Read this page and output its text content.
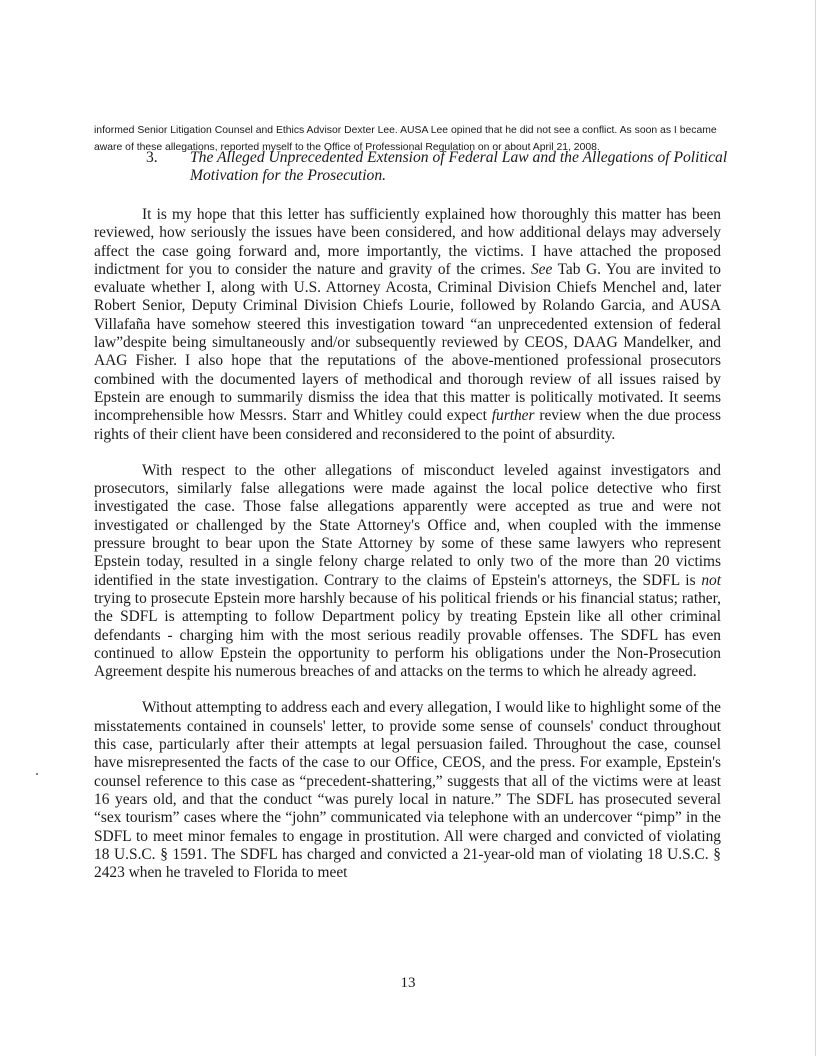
informed Senior Litigation Counsel and Ethics Advisor Dexter Lee. AUSA Lee opined that he did not see a conflict. As soon as I became aware of these allegations, reported myself to the Office of Professional Regulation on or about April 21, 2008.

3. The Alleged Unprecedented Extension of Federal Law and the Allegations of Political Motivation for the Prosecution.

It is my hope that this letter has sufficiently explained how thoroughly this matter has been reviewed, how seriously the issues have been considered, and how additional delays may adversely affect the case going forward and, more importantly, the victims. I have attached the proposed indictment for you to consider the nature and gravity of the crimes. See Tab G. You are invited to evaluate whether I, along with U.S. Attorney Acosta, Criminal Division Chiefs Menchel and, later Robert Senior, Deputy Criminal Division Chiefs Lourie, followed by Rolando Garcia, and AUSA Villafaña have somehow steered this investigation toward “an unprecedented extension of federal law”despite being simultaneously and/or subsequently reviewed by CEOS, DAAG Mandelker, and AAG Fisher. I also hope that the reputations of the above-mentioned professional prosecutors combined with the documented layers of methodical and thorough review of all issues raised by Epstein are enough to summarily dismiss the idea that this matter is politically motivated. It seems incomprehensible how Messrs. Starr and Whitley could expect further review when the due process rights of their client have been considered and reconsidered to the point of absurdity.

With respect to the other allegations of misconduct leveled against investigators and prosecutors, similarly false allegations were made against the local police detective who first investigated the case. Those false allegations apparently were accepted as true and were not investigated or challenged by the State Attorney's Office and, when coupled with the immense pressure brought to bear upon the State Attorney by some of these same lawyers who represent Epstein today, resulted in a single felony charge related to only two of the more than 20 victims identified in the state investigation. Contrary to the claims of Epstein's attorneys, the SDFL is not trying to prosecute Epstein more harshly because of his political friends or his financial status; rather, the SDFL is attempting to follow Department policy by treating Epstein like all other criminal defendants - charging him with the most serious readily provable offenses. The SDFL has even continued to allow Epstein the opportunity to perform his obligations under the Non-Prosecution Agreement despite his numerous breaches of and attacks on the terms to which he already agreed.

Without attempting to address each and every allegation, I would like to highlight some of the misstatements contained in counsels' letter, to provide some sense of counsels' conduct throughout this case, particularly after their attempts at legal persuasion failed. Throughout the case, counsel have misrepresented the facts of the case to our Office, CEOS, and the press. For example, Epstein's counsel reference to this case as “precedent-shattering,” suggests that all of the victims were at least 16 years old, and that the conduct “was purely local in nature.” The SDFL has prosecuted several “sex tourism” cases where the “john” communicated via telephone with an undercover “pimp” in the SDFL to meet minor females to engage in prostitution. All were charged and convicted of violating 18 U.S.C. § 1591. The SDFL has charged and convicted a 21-year-old man of violating 18 U.S.C. § 2423 when he traveled to Florida to meet

13
